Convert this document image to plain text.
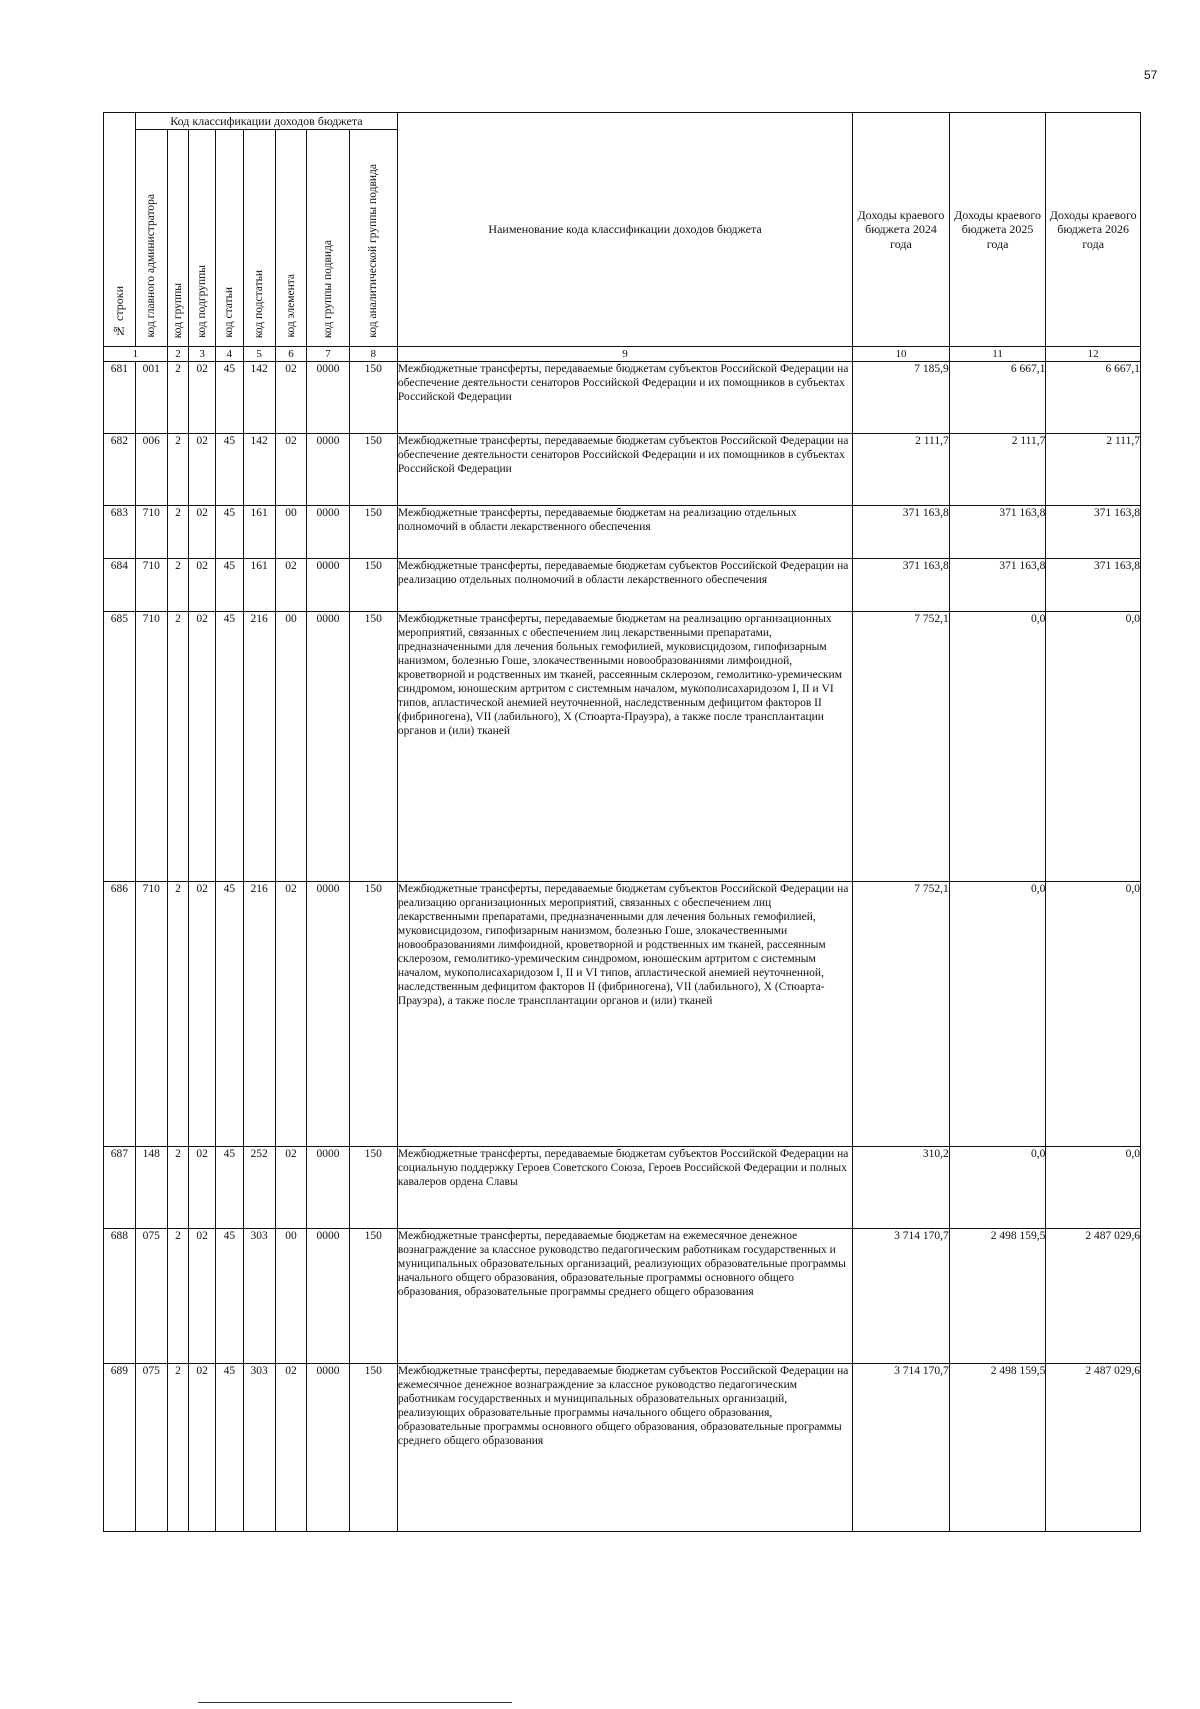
57
№ строки	Код классификации доходов бюджета								Наименование кода классификации доходов бюджета	Доходы краевого бюджета 2024 года	Доходы краевого бюджета 2025 года	Доходы краевого бюджета 2026 года
	код главного администратора	код группы	код подгруппы	код статьи	код подстатьи	код элемента	код группы подвида	код аналитической группы подвида				
1		2	3	4	5	6	7	8	9	10	11	12
681	001	2	02	45	142	02	0000	150	Межбюджетные трансферты, передаваемые бюджетам субъектов Российской Федерации на обеспечение деятельности сенаторов Российской Федерации и их помощников в субъектах Российской Федерации	7 185,9	6 667,1	6 667,1
682	006	2	02	45	142	02	0000	150	Межбюджетные трансферты, передаваемые бюджетам субъектов Российской Федерации на обеспечение деятельности сенаторов Российской Федерации и их помощников в субъектах Российской Федерации	2 111,7	2 111,7	2 111,7
683	710	2	02	45	161	00	0000	150	Межбюджетные трансферты, передаваемые бюджетам на реализацию отдельных полномочий в области лекарственного обеспечения	371 163,8	371 163,8	371 163,8
684	710	2	02	45	161	02	0000	150	Межбюджетные трансферты, передаваемые бюджетам субъектов Российской Федерации на реализацию отдельных полномочий в области лекарственного обеспечения	371 163,8	371 163,8	371 163,8
685	710	2	02	45	216	00	0000	150	Межбюджетные трансферты, передаваемые бюджетам на реализацию организационных мероприятий, связанных с обеспечением лиц лекарственными препаратами, предназначенными для лечения больных гемофилией, муковисцидозом, гипофизарным нанизмом, болезнью Гоше, злокачественными новообразованиями лимфоидной, кроветворной и родственных им тканей, рассеянным склерозом, гемолитико-уремическим синдромом, юношеским артритом с системным началом, мукополисахаридозом I, II и VI типов, апластической анемией неуточненной, наследственным дефицитом факторов II (фибриногена), VII (лабильного), X (Стюарта-Прауэра), а также после трансплантации органов и (или) тканей	7 752,1	0,0	0,0
686	710	2	02	45	216	02	0000	150	Межбюджетные трансферты, передаваемые бюджетам субъектов Российской Федерации на реализацию организационных мероприятий, связанных с обеспечением лиц лекарственными препаратами, предназначенными для лечения больных гемофилией, муковисцидозом, гипофизарным нанизмом, болезнью Гоше, злокачественными новообразованиями лимфоидной, кроветворной и родственных им тканей, рассеянным склерозом, гемолитико-уремическим синдромом, юношеским артритом с системным началом, мукополисахаридозом I, II и VI типов, апластической анемией неуточненной, наследственным дефицитом факторов II (фибриногена), VII (лабильного), X (Стюарта-Прауэра), а также после трансплантации органов и (или) тканей	7 752,1	0,0	0,0
687	148	2	02	45	252	02	0000	150	Межбюджетные трансферты, передаваемые бюджетам субъектов Российской Федерации на социальную поддержку Героев Советского Союза, Героев Российской Федерации и полных кавалеров ордена Славы	310,2	0,0	0,0
688	075	2	02	45	303	00	0000	150	Межбюджетные трансферты, передаваемые бюджетам на ежемесячное денежное вознаграждение за классное руководство педагогическим работникам государственных и муниципальных образовательных организаций, реализующих образовательные программы начального общего образования, образовательные программы основного общего образования, образовательные программы среднего общего образования	3 714 170,7	2 498 159,5	2 487 029,6
689	075	2	02	45	303	02	0000	150	Межбюджетные трансферты, передаваемые бюджетам субъектов Российской Федерации на ежемесячное денежное вознаграждение за классное руководство педагогическим работникам государственных и муниципальных образовательных организаций, реализующих образовательные программы начального общего образования, образовательные программы основного общего образования, образовательные программы среднего общего образования	3 714 170,7	2 498 159,5	2 487 029,6
